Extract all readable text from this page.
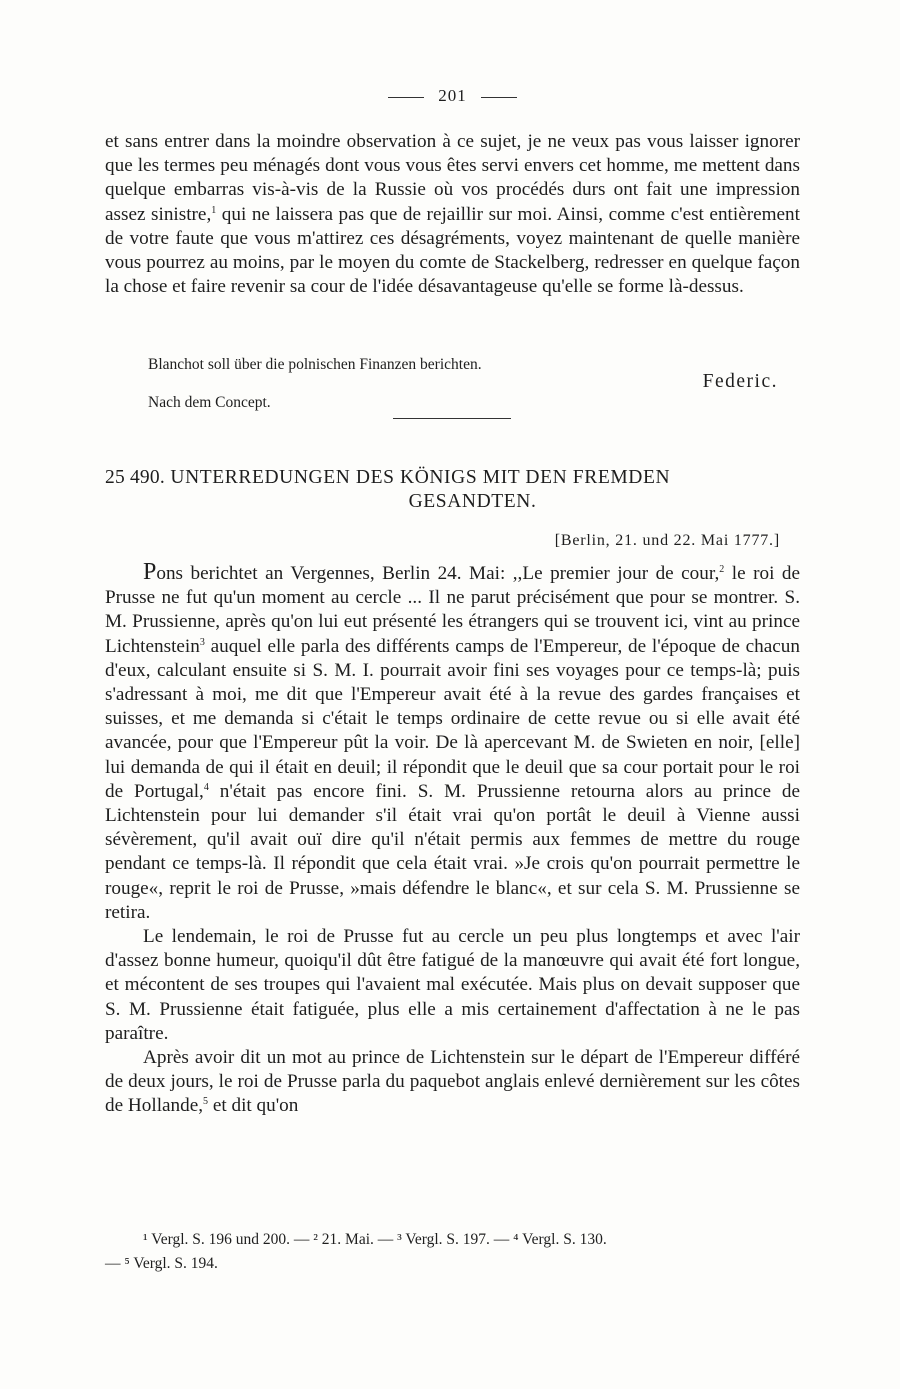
201

et sans entrer dans la moindre observation à ce sujet, je ne veux pas vous laisser ignorer que les termes peu ménagés dont vous vous êtes servi envers cet homme, me mettent dans quelque embarras vis-à-vis de la Russie où vos procédés durs ont fait une impression assez sinistre,$^1$ qui ne laissera pas que de rejaillir sur moi. Ainsi, comme c'est entièrement de votre faute que vous m'attirez ces désagréments, voyez maintenant de quelle manière vous pourrez au moins, par le moyen du comte de Stackelberg, redresser en quelque façon la chose et faire revenir sa cour de l'idée désavantageuse qu'elle se forme là-dessus.

Blanchot soll über die polnischen Finanzen berichten.
Federic.
Nach dem Concept.
25 490. UNTERREDUNGEN DES KÖNIGS MIT DEN FREMDEN
GESANDTEN.
[Berlin, 21. und 22. Mai 1777.]

Pons berichtet an Vergennes, Berlin 24. Mai: ,,Le premier jour de cour,$^2$ le roi de Prusse ne fut qu'un moment au cercle ... Il ne parut précisément que pour se montrer. S. M. Prussienne, après qu'on lui eut présenté les étrangers qui se trouvent ici, vint au prince Lichtenstein$^3$ auquel elle parla des différents camps de l'Empereur, de l'époque de chacun d'eux, calculant ensuite si S. M. I. pourrait avoir fini ses voyages pour ce temps-là; puis s'adressant à moi, me dit que l'Empereur avait été à la revue des gardes françaises et suisses, et me demanda si c'était le temps ordinaire de cette revue ou si elle avait été avancée, pour que l'Empereur pût la voir. De là apercevant M. de Swieten en noir, [elle] lui demanda de qui il était en deuil; il répondit que le deuil que sa cour portait pour le roi de Portugal,$^4$ n'était pas encore fini. S. M. Prussienne retourna alors au prince de Lichtenstein pour lui demander s'il était vrai qu'on portât le deuil à Vienne aussi sévèrement, qu'il avait ouï dire qu'il n'était permis aux femmes de mettre du rouge pendant ce temps-là. Il répondit que cela était vrai. »Je crois qu'on pourrait permettre le rouge«, reprit le roi de Prusse, »mais défendre le blanc«, et sur cela S. M. Prussienne se retira.

Le lendemain, le roi de Prusse fut au cercle un peu plus longtemps et avec l'air d'assez bonne humeur, quoiqu'il dût être fatigué de la manœuvre qui avait été fort longue, et mécontent de ses troupes qui l'avaient mal exécutée. Mais plus on devait supposer que S. M. Prussienne était fatiguée, plus elle a mis certainement d'affectation à ne le pas paraître.

Après avoir dit un mot au prince de Lichtenstein sur le départ de l'Empereur différé de deux jours, le roi de Prusse parla du paquebot anglais enlevé dernièrement sur les côtes de Hollande,$^5$ et dit qu'on

¹ Vergl. S. 196 und 200. — ² 21. Mai. — ³ Vergl. S. 197. — ⁴ Vergl. S. 130.

— ⁵ Vergl. S. 194.
